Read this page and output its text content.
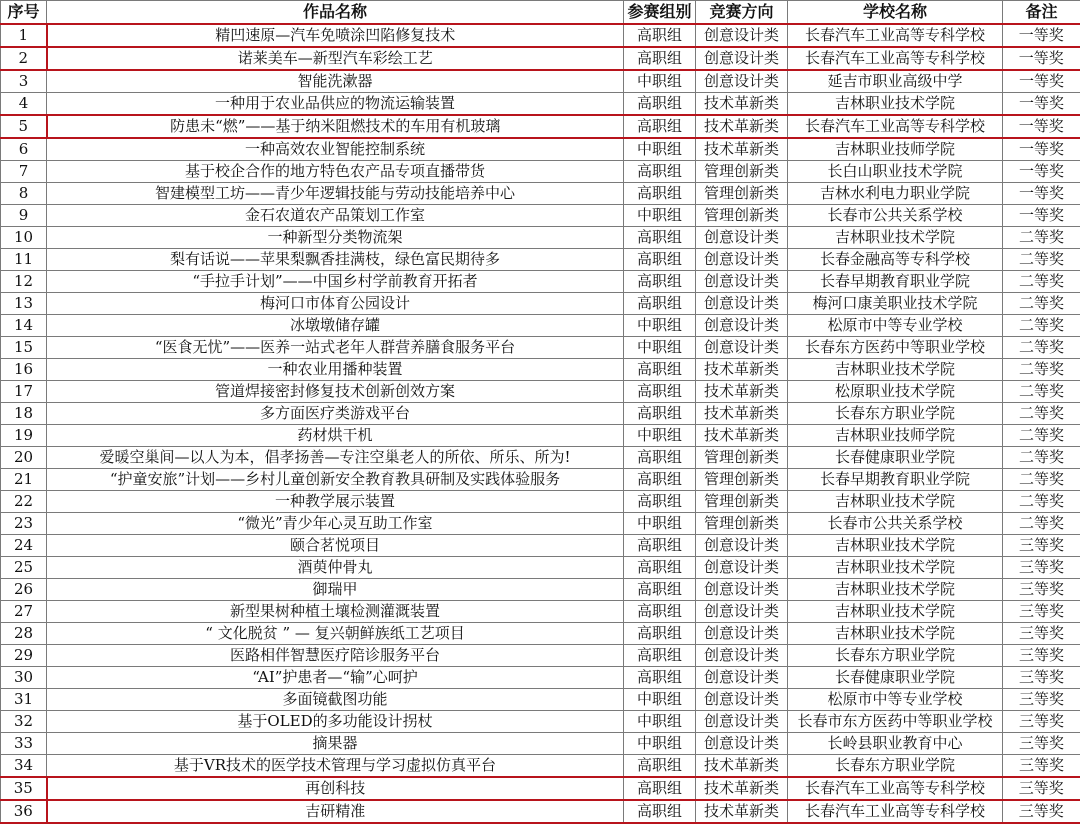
序号	作品名称	参赛组别	竞赛方向	学校名称	备注
1	精凹速原—汽车免喷涂凹陷修复技术	高职组	创意设计类	长春汽车工业高等专科学校	一等奖
2	诺莱美车—新型汽车彩绘工艺	高职组	创意设计类	长春汽车工业高等专科学校	一等奖
3	智能洗漱器	中职组	创意设计类	延吉市职业高级中学	一等奖
4	一种用于农业品供应的物流运输装置	高职组	技术革新类	吉林职业技术学院	一等奖
5	防患未“燃”——基于纳米阻燃技术的车用有机玻璃	高职组	技术革新类	长春汽车工业高等专科学校	一等奖
6	一种高效农业智能控制系统	中职组	技术革新类	吉林职业技师学院	一等奖
7	基于校企合作的地方特色农产品专项直播带货	高职组	管理创新类	长白山职业技术学院	一等奖
8	智建模型工坊——青少年逻辑技能与劳动技能培养中心	高职组	管理创新类	吉林水利电力职业学院	一等奖
9	金石农道农产品策划工作室	中职组	管理创新类	长春市公共关系学校	一等奖
10	一种新型分类物流架	高职组	创意设计类	吉林职业技术学院	二等奖
11	梨有话说——苹果梨飘香挂满枝，绿色富民期待多	高职组	创意设计类	长春金融高等专科学校	二等奖
12	“手拉手计划”——中国乡村学前教育开拓者	高职组	创意设计类	长春早期教育职业学院	二等奖
13	梅河口市体育公园设计	高职组	创意设计类	梅河口康美职业技术学院	二等奖
14	冰墩墩储存罐	中职组	创意设计类	松原市中等专业学校	二等奖
15	“医食无忧”——医养一站式老年人群营养膳食服务平台	中职组	创意设计类	长春东方医药中等职业学校	二等奖
16	一种农业用播种装置	高职组	技术革新类	吉林职业技术学院	二等奖
17	管道焊接密封修复技术创新创效方案	高职组	技术革新类	松原职业技术学院	二等奖
18	多方面医疗类游戏平台	高职组	技术革新类	长春东方职业学院	二等奖
19	药材烘干机	中职组	技术革新类	吉林职业技师学院	二等奖
20	爱暖空巢间—以人为本，倡孝扬善—专注空巢老人的所依、所乐、所为!	高职组	管理创新类	长春健康职业学院	二等奖
21	“护童安旅”计划——乡村儿童创新安全教育教具研制及实践体验服务	高职组	管理创新类	长春早期教育职业学院	二等奖
22	一种教学展示装置	高职组	管理创新类	吉林职业技术学院	二等奖
23	“微光”青少年心灵互助工作室	中职组	管理创新类	长春市公共关系学校	二等奖
24	颐合茗悦项目	高职组	创意设计类	吉林职业技术学院	三等奖
25	酒萸仲骨丸	高职组	创意设计类	吉林职业技术学院	三等奖
26	御瑞甲	高职组	创意设计类	吉林职业技术学院	三等奖
27	新型果树种植土壤检测灌溉装置	高职组	创意设计类	吉林职业技术学院	三等奖
28	“ 文化脱贫 ” — 复兴朝鲜族纸工艺项目	高职组	创意设计类	吉林职业技术学院	三等奖
29	医路相伴智慧医疗陪诊服务平台	高职组	创意设计类	长春东方职业学院	三等奖
30	“AI”护患者—“输”心呵护	高职组	创意设计类	长春健康职业学院	三等奖
31	多面镜截图功能	中职组	创意设计类	松原市中等专业学校	三等奖
32	基于OLED的多功能设计拐杖	中职组	创意设计类	长春市东方医药中等职业学校	三等奖
33	摘果器	中职组	创意设计类	长岭县职业教育中心	三等奖
34	基于VR技术的医学技术管理与学习虚拟仿真平台	高职组	技术革新类	长春东方职业学院	三等奖
35	再创科技	高职组	技术革新类	长春汽车工业高等专科学校	三等奖
36	吉研精准	高职组	技术革新类	长春汽车工业高等专科学校	三等奖
